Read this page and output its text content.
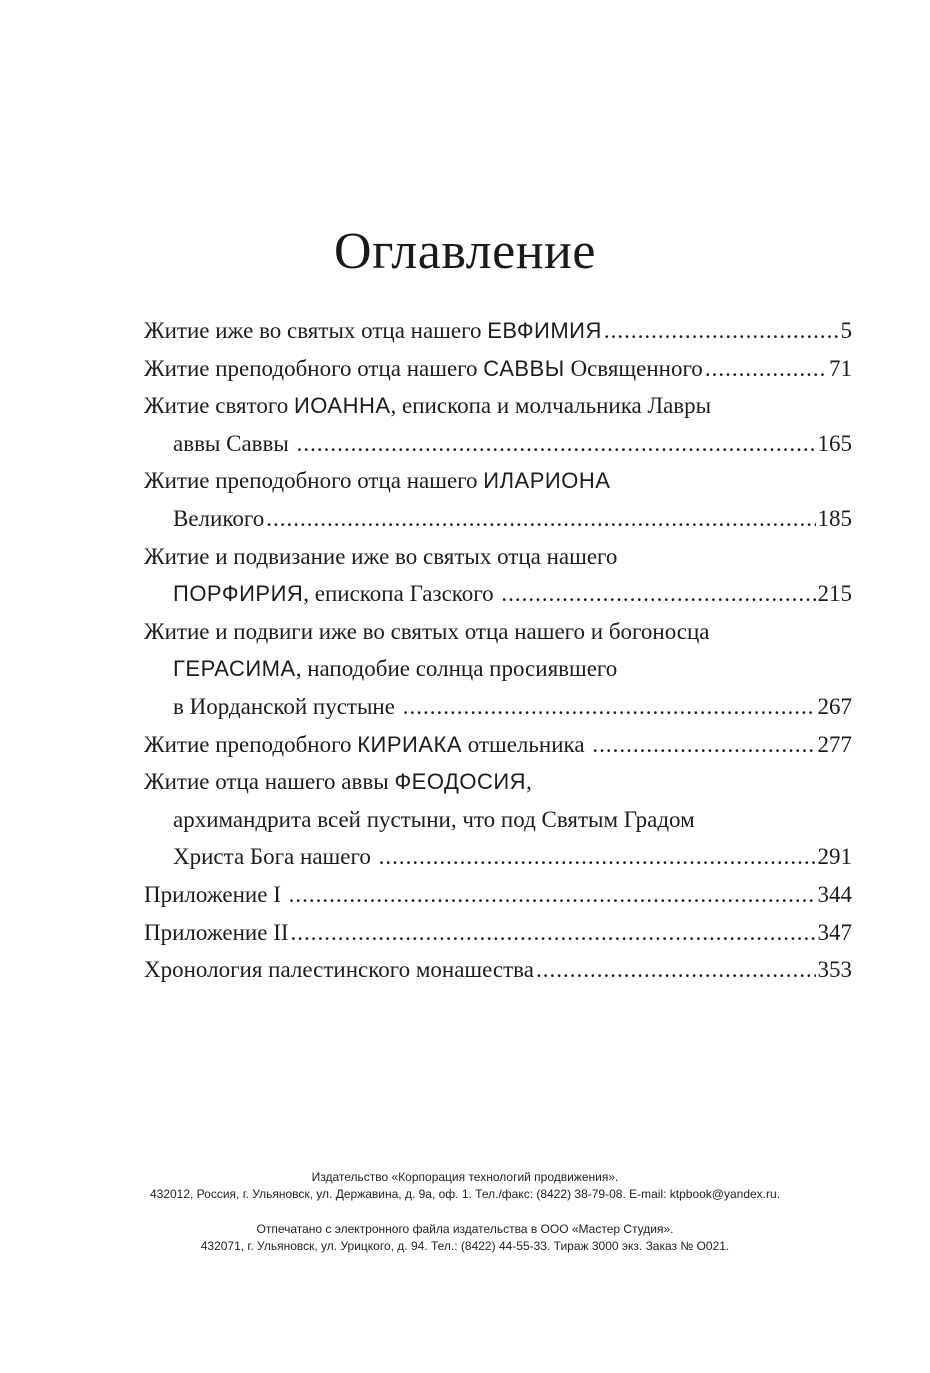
Оглавление
Житие иже во святых отца нашего ЕВФИМИЯ .....	5
Житие преподобного отца нашего САВВЫ Освященного .....	71
Житие святого ИОАННА , епископа и молчальника Лавры
аввы Саввы .....	165
Житие преподобного отца нашего ИЛАРИОНА
Великого .....	185
Житие и подвизание иже во святых отца нашего
ПОРФИРИЯ , епископа Газского .....	215
Житие и подвиги иже во святых отца нашего и богоносца
ГЕРАСИМА , наподобие солнца просиявшего
в Иорданской пустыне .....	267
Житие преподобного КИРИАКА отшельника .....	277
Житие отца нашего аввы ФЕОДОСИЯ ,
архимандрита всей пустыни, что под Святым Градом
Христа Бога нашего .....	291
Приложение I .....	344
Приложение II .....	347
Хронология палестинского монашества .....	353

Издательство «Корпорация технологий продвижения».

432012, Россия, г. Ульяновск, ул. Державина, д. 9а, оф. 1. Тел./факс: (8422) 38-79-08. E-mail: ktpbook@yandex.ru.

Отпечатано с электронного файла издательства в ООО «Мастер Студия».

432071, г. Ульяновск, ул. Урицкого, д. 94. Тел.: (8422) 44-55-33. Тираж 3000 экз. Заказ № О021.
